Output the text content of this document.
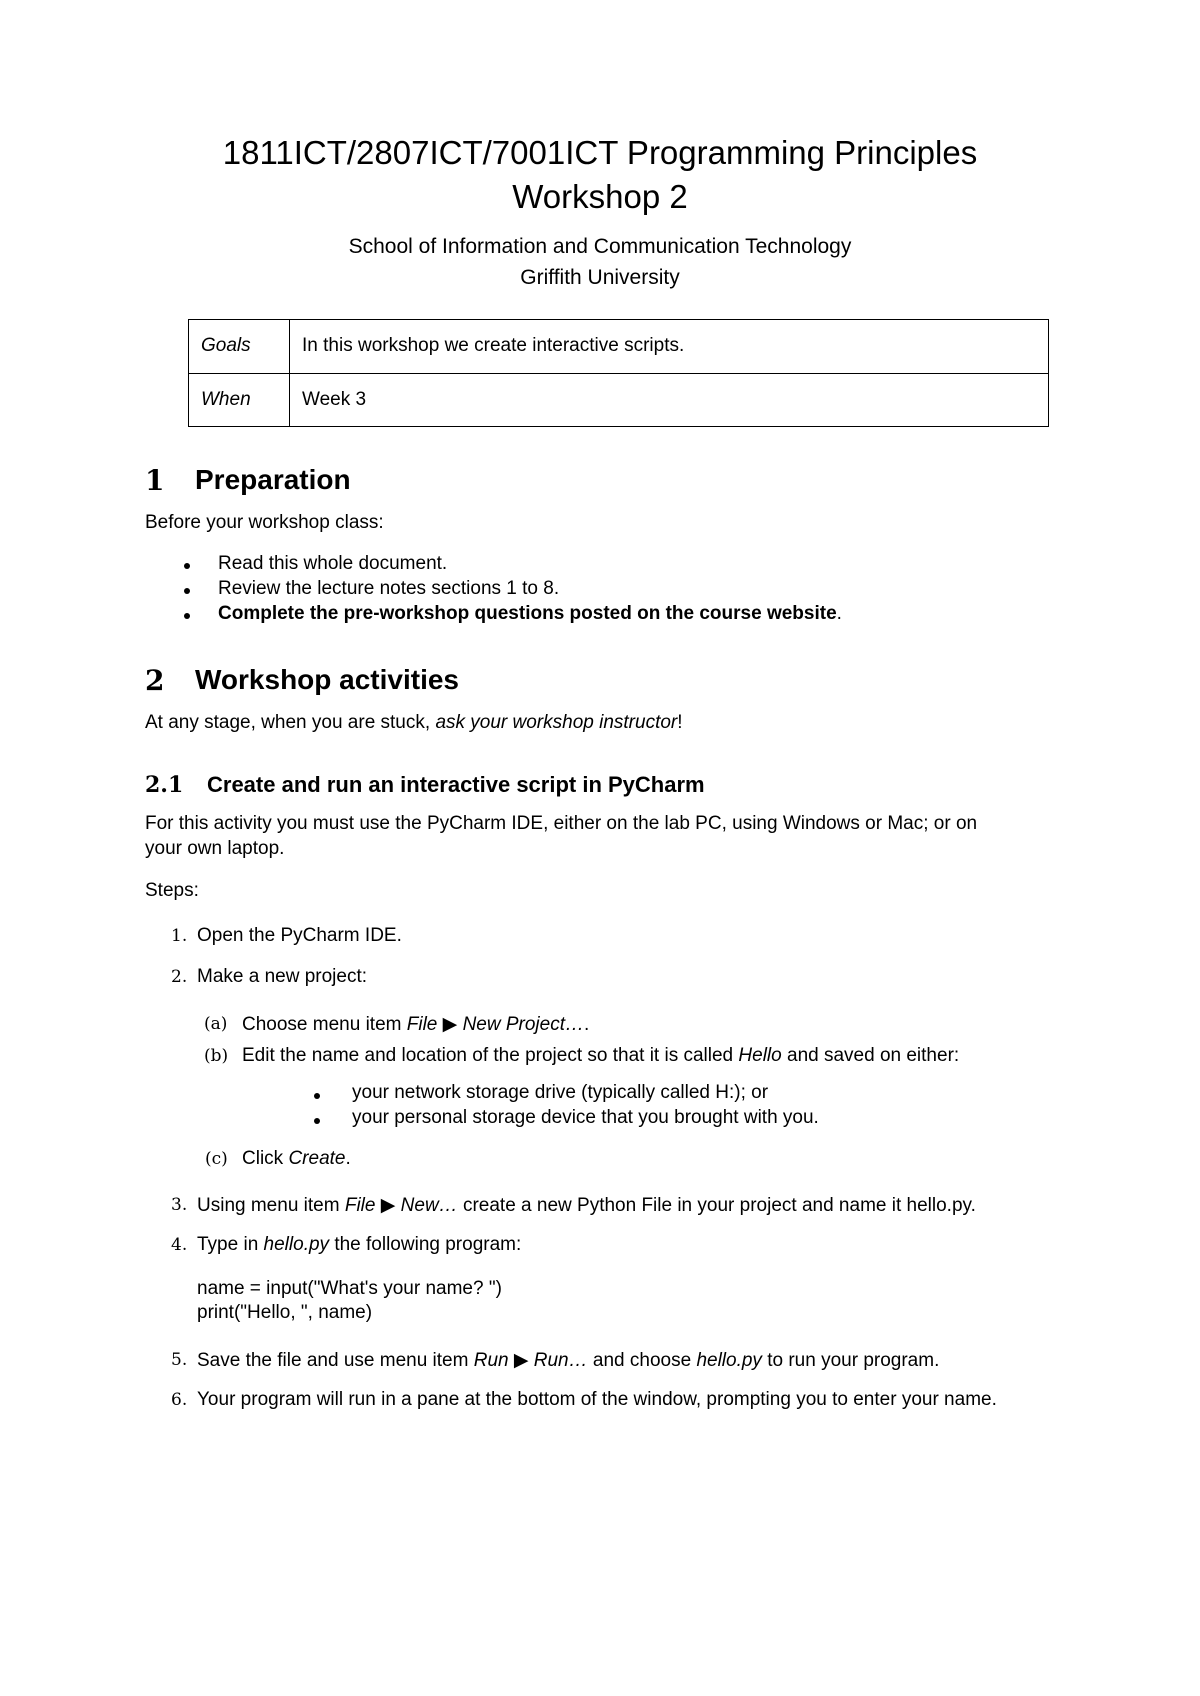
1811ICT/2807ICT/7001ICT Programming Principles
Workshop 2
School of Information and Communication Technology
Griffith University
Goals	In this workshop we create interactive scripts.
When	Week 3
1 Preparation
Before your workshop class:
Read this whole document.
Review the lecture notes sections 1 to 8.
Complete the pre-workshop questions posted on the course website.
2 Workshop activities
At any stage, when you are stuck, ask your workshop instructor!
2.1 Create and run an interactive script in PyCharm
For this activity you must use the PyCharm IDE, either on the lab PC, using Windows or Mac; or on
your own laptop.
Steps:
1. Open the PyCharm IDE.
2. Make a new project:
(a) Choose menu item File ▶ New Project….
(b) Edit the name and location of the project so that it is called Hello and saved on either:
your network storage drive (typically called H:); or
your personal storage device that you brought with you.
(c) Click Create.
3. Using menu item File ▶ New… create a new Python File in your project and name it hello.py.
4. Type in hello.py the following program:
name = input("What's your name? ")
print("Hello, ", name)
5. Save the file and use menu item Run ▶ Run… and choose hello.py to run your program.
6. Your program will run in a pane at the bottom of the window, prompting you to enter your name.
